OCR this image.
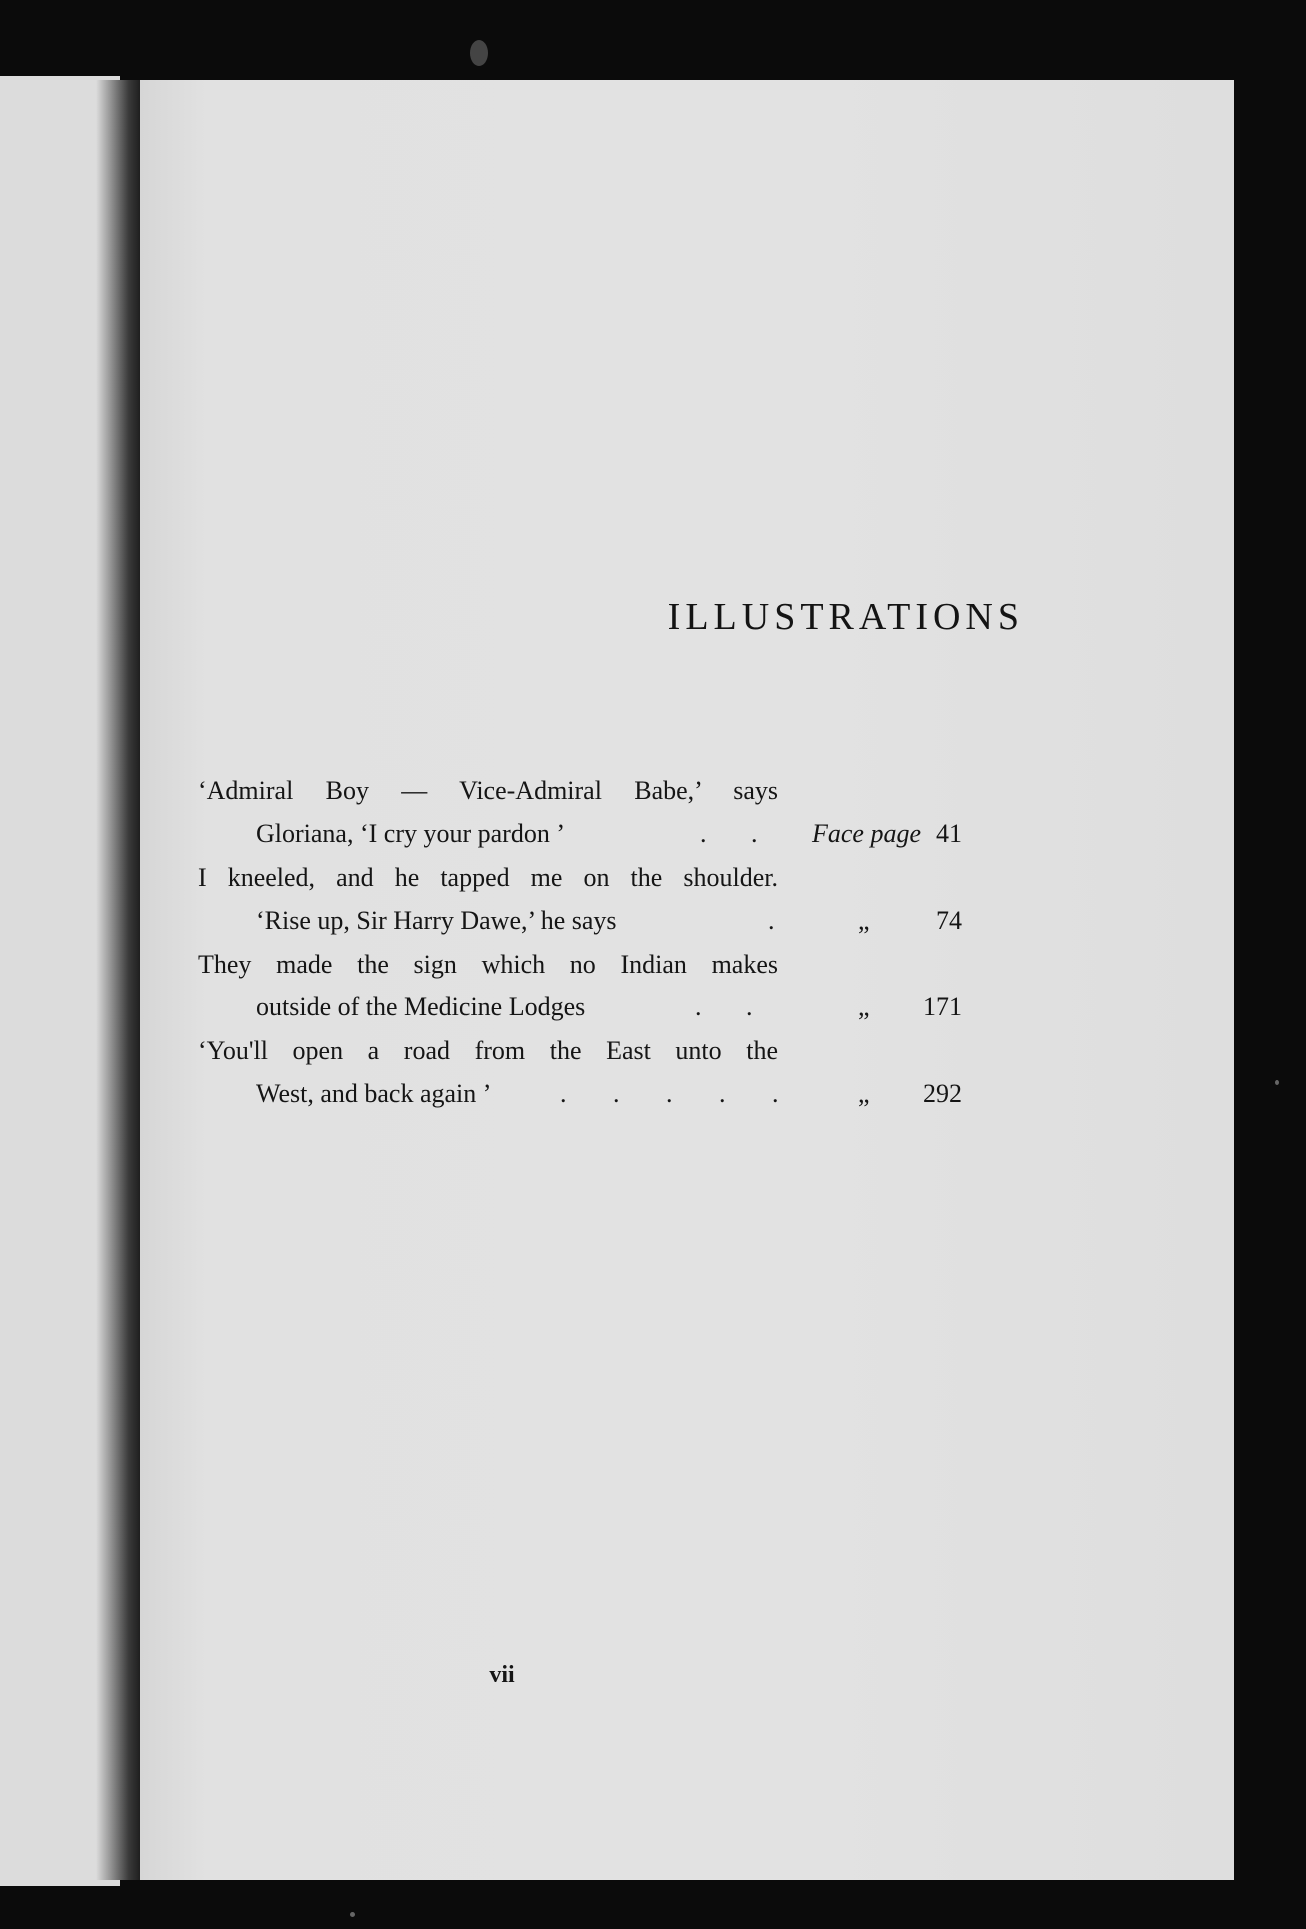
ILLUSTRATIONS
‘Admiral Boy — Vice-Admiral Babe,’ says
Gloriana, ‘I cry your pardon ’	. . Face page 41
I kneeled, and he tapped me on the shoulder.
‘Rise up, Sir Harry Dawe,’ he says	.	„	74
They made the sign which no Indian makes
outside of the Medicine Lodges	. .	„	171
‘You'll open a road from the East unto the
West, and back again ’	. . . . .	„	292
vii
